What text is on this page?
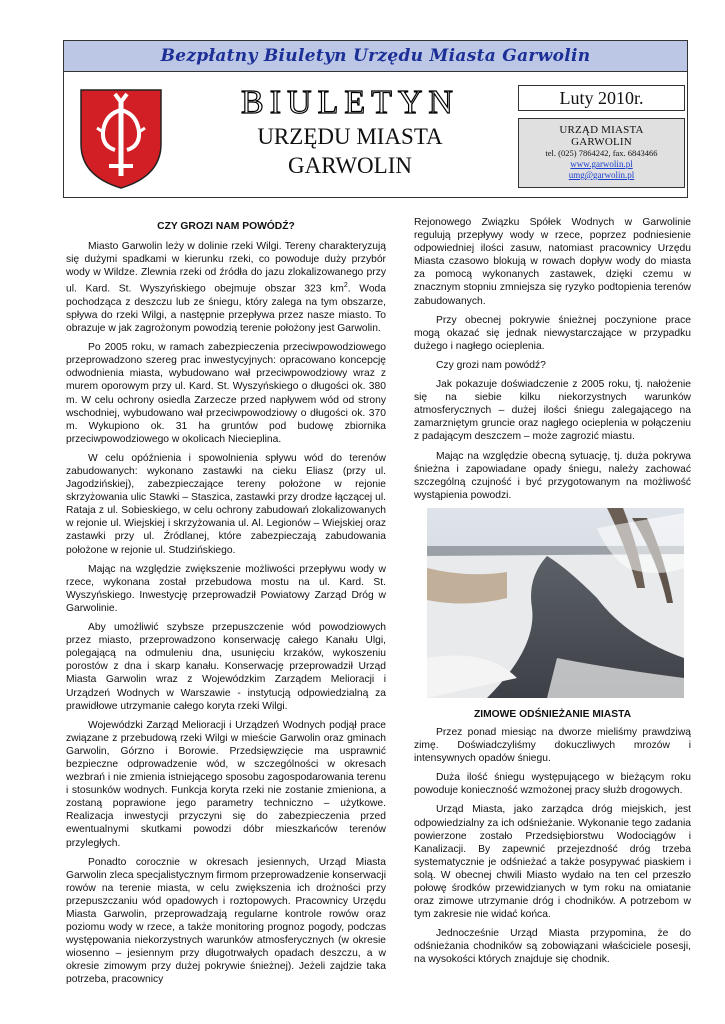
Bezpłatny Biuletyn Urzędu Miasta Garwolin
BIULETYN
URZĘDU MIASTA
GARWOLIN
Luty 2010r.
URZĄD MIASTA
GARWOLIN
tel. (025) 7864242, fax. 6843466
www.garwolin.pl
umg@garwolin.pl
CZY GROZI NAM POWÓDŹ?

Miasto Garwolin leży w dolinie rzeki Wilgi. Tereny charakteryzują się dużymi spadkami w kierunku rzeki, co powoduje duży przybór wody w Wildze. Zlewnia rzeki od źródła do jazu zlokalizowanego przy ul. Kard. St. Wyszyńskiego obejmuje obszar 323 $km^2$. Woda pochodząca z deszczu lub ze śniegu, który zalega na tym obszarze, spływa do rzeki Wilgi, a następnie przepływa przez nasze miasto. To obrazuje w jak zagrożonym powodzią terenie położony jest Garwolin.

Po 2005 roku, w ramach zabezpieczenia przeciwpowodziowego przeprowadzono szereg prac inwestycyjnych: opracowano koncepcję odwodnienia miasta, wybudowano wał przeciwpowodziowy wraz z murem oporowym przy ul. Kard. St. Wyszyńskiego o długości ok. 380 m. W celu ochrony osiedla Zarzecze przed napływem wód od strony wschodniej, wybudowano wał przeciwpowodziowy o długości ok. 370 m. Wykupiono ok. 31 ha gruntów pod budowę zbiornika przeciwpowodziowego w okolicach Niecieplina.

W celu opóźnienia i spowolnienia spływu wód do terenów zabudowanych: wykonano zastawki na cieku Eliasz (przy ul. Jagodzińskiej), zabezpieczające tereny położone w rejonie skrzyżowania ulic Stawki – Staszica, zastawki przy drodze łączącej ul. Rataja z ul. Sobieskiego, w celu ochrony zabudowań zlokalizowanych w rejonie ul. Wiejskiej i skrzyżowania ul. Al. Legionów – Wiejskiej oraz zastawki przy ul. Źródlanej, które zabezpieczają zabudowania położone w rejonie ul. Studzińskiego.

Mając na względzie zwiększenie możliwości przepływu wody w rzece, wykonana został przebudowa mostu na ul. Kard. St. Wyszyńskiego. Inwestycję przeprowadził Powiatowy Zarząd Dróg w Garwolinie.

Aby umożliwić szybsze przepuszczenie wód powodziowych przez miasto, przeprowadzono konserwację całego Kanału Ulgi, polegającą na odmuleniu dna, usunięciu krzaków, wykoszeniu porostów z dna i skarp kanału. Konserwację przeprowadził Urząd Miasta Garwolin wraz z Wojewódzkim Zarządem Melioracji i Urządzeń Wodnych w Warszawie - instytucją odpowiedzialną za prawidłowe utrzymanie całego koryta rzeki Wilgi.

Wojewódzki Zarząd Melioracji i Urządzeń Wodnych podjął prace związane z przebudową rzeki Wilgi w mieście Garwolin oraz gminach Garwolin, Górzno i Borowie. Przedsięwzięcie ma usprawnić bezpieczne odprowadzenie wód, w szczególności w okresach wezbrań i nie zmienia istniejącego sposobu zagospodarowania terenu i stosunków wodnych. Funkcja koryta rzeki nie zostanie zmieniona, a zostaną poprawione jego parametry techniczno – użytkowe. Realizacja inwestycji przyczyni się do zabezpieczenia przed ewentualnymi skutkami powodzi dóbr mieszkańców terenów przyległych.

Ponadto corocznie w okresach jesiennych, Urząd Miasta Garwolin zleca specjalistycznym firmom przeprowadzenie konserwacji rowów na terenie miasta, w celu zwiększenia ich drożności przy przepuszczaniu wód opadowych i roztopowych. Pracownicy Urzędu Miasta Garwolin, przeprowadzają regularne kontrole rowów oraz poziomu wody w rzece, a także monitoring prognoz pogody, podczas występowania niekorzystnych warunków atmosferycznych (w okresie wiosenno – jesiennym przy długotrwałych opadach deszczu, a w okresie zimowym przy dużej pokrywie śnieżnej). Jeżeli zajdzie taka potrzeba, pracownicy

Rejonowego Związku Spółek Wodnych w Garwolinie regulują przepływy wody w rzece, poprzez podniesienie odpowiedniej ilości zasuw, natomiast pracownicy Urzędu Miasta czasowo blokują w rowach dopływ wody do miasta za pomocą wykonanych zastawek, dzięki czemu w znacznym stopniu zmniejsza się ryzyko podtopienia terenów zabudowanych.

Przy obecnej pokrywie śnieżnej poczynione prace mogą okazać się jednak niewystarczające w przypadku dużego i nagłego ocieplenia.

Czy grozi nam powódź?

Jak pokazuje doświadczenie z 2005 roku, tj. nałożenie się na siebie kilku niekorzystnych warunków atmosferycznych – dużej ilości śniegu zalegającego na zamarzniętym gruncie oraz nagłego ocieplenia w połączeniu z padającym deszczem – może zagrozić miastu.

Mając na względzie obecną sytuację, tj. duża pokrywa śnieżna i zapowiadane opady śniegu, należy zachować szczególną czujność i być przygotowanym na możliwość wystąpienia powodzi.

ZIMOWE ODŚNIEŻANIE MIASTA

Przez ponad miesiąc na dworze mieliśmy prawdziwą zimę. Doświadczyliśmy dokuczliwych mrozów i intensywnych opadów śniegu.

Duża ilość śniegu występującego w bieżącym roku powoduje konieczność wzmożonej pracy służb drogowych.

Urząd Miasta, jako zarządca dróg miejskich, jest odpowiedzialny za ich odśnieżanie. Wykonanie tego zadania powierzone zostało Przedsiębiorstwu Wodociągów i Kanalizacji. By zapewnić przejezdność dróg trzeba systematycznie je odśnieżać a także posypywać piaskiem i solą. W obecnej chwili Miasto wydało na ten cel przeszło połowę środków przewidzianych w tym roku na omiatanie oraz zimowe utrzymanie dróg i chodników. A potrzebom w tym zakresie nie widać końca.

Jednocześnie Urząd Miasta przypomina, że do odśnieżania chodników są zobowiązani właściciele posesji, na wysokości których znajduje się chodnik.
